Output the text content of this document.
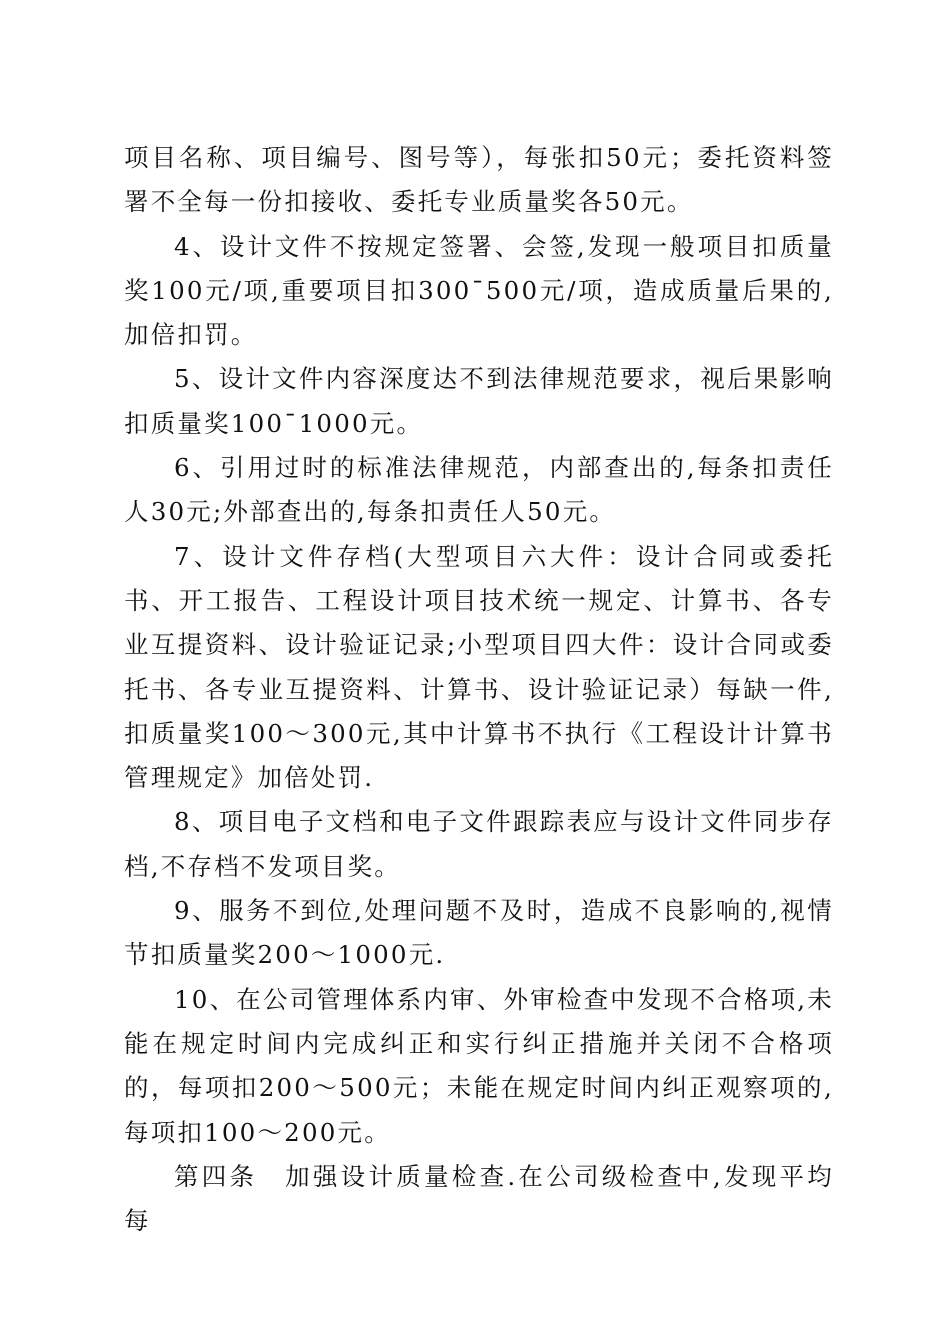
项目名称、项目编号、图号等），每张扣50元；委托资料签署不全每一份扣接收、委托专业质量奖各50元。

4、设计文件不按规定签署、会签,发现一般项目扣质量奖100元/项,重要项目扣300¯500元/项，造成质量后果的,加倍扣罚。

5、设计文件内容深度达不到法律规范要求，视后果影响扣质量奖100¯1000元。

6、引用过时的标准法律规范，内部查出的,每条扣责任人30元;外部查出的,每条扣责任人50元。

7、设计文件存档(大型项目六大件：设计合同或委托书、开工报告、工程设计项目技术统一规定、计算书、各专业互提资料、设计验证记录;小型项目四大件：设计合同或委托书、各专业互提资料、计算书、设计验证记录）每缺一件,扣质量奖100～300元,其中计算书不执行《工程设计计算书管理规定》加倍处罚.

8、项目电子文档和电子文件跟踪表应与设计文件同步存档,不存档不发项目奖。

9、服务不到位,处理问题不及时，造成不良影响的,视情节扣质量奖200～1000元.

10、在公司管理体系内审、外审检查中发现不合格项,未能在规定时间内完成纠正和实行纠正措施并关闭不合格项的，每项扣200～500元；未能在规定时间内纠正观察项的,每项扣100～200元。

第四条　加强设计质量检查.在公司级检查中,发现平均每
